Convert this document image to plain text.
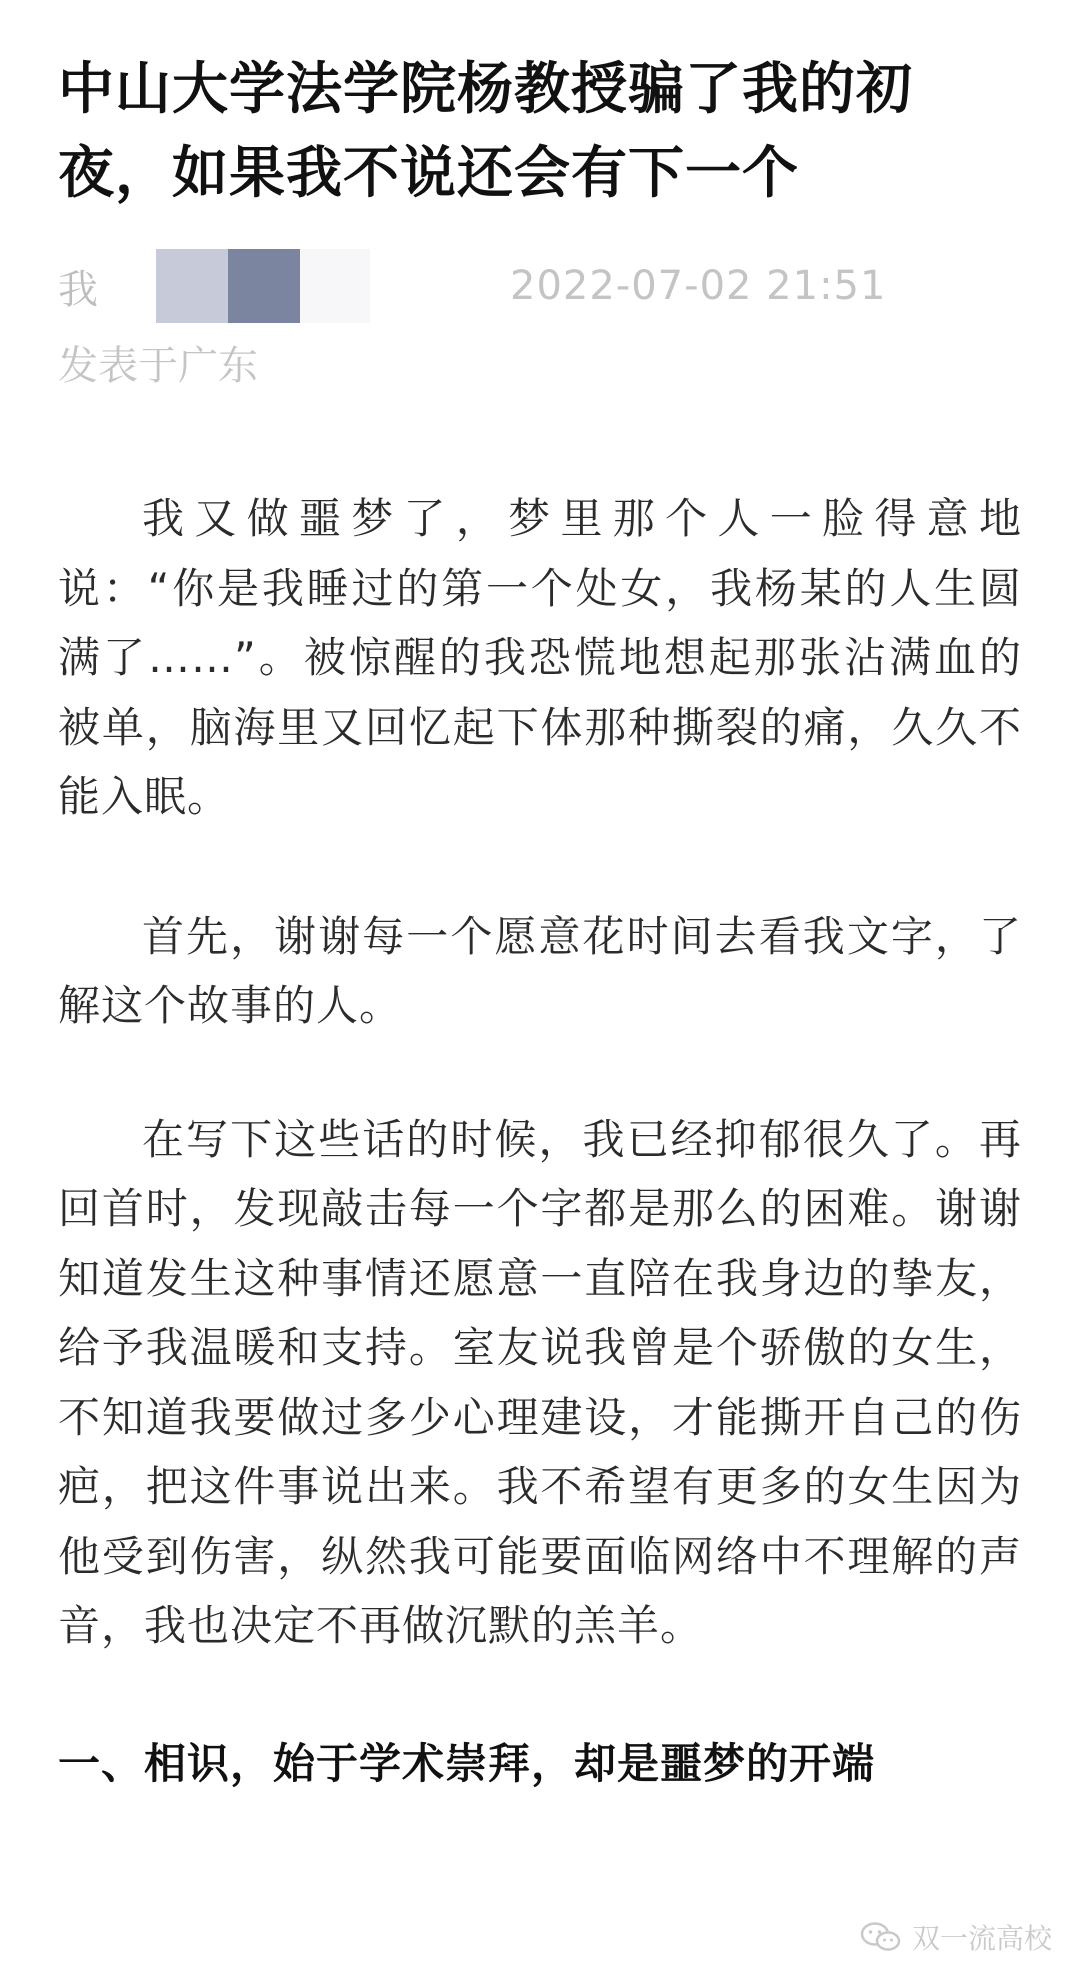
中山大学法学院杨教授骗了我的初夜，如果我不说还会有下一个
我	2022-07-02 21:51
发表于广东

我又做噩梦了，梦里那个人一脸得意地说：“你是我睡过的第一个处女，我杨某的人生圆满了……”。被惊醒的我恐慌地想起那张沾满血的被单，脑海里又回忆起下体那种撕裂的痛，久久不能入眠。

首先，谢谢每一个愿意花时间去看我文字，了解这个故事的人。

在写下这些话的时候，我已经抑郁很久了。再回首时，发现敲击每一个字都是那么的困难。谢谢知道发生这种事情还愿意一直陪在我身边的挚友，给予我温暖和支持。室友说我曾是个骄傲的女生，不知道我要做过多少心理建设，才能撕开自己的伤疤，把这件事说出来。我不希望有更多的女生因为他受到伤害，纵然我可能要面临网络中不理解的声音，我也决定不再做沉默的羔羊。

一、相识，始于学术崇拜，却是噩梦的开端
双一流高校
